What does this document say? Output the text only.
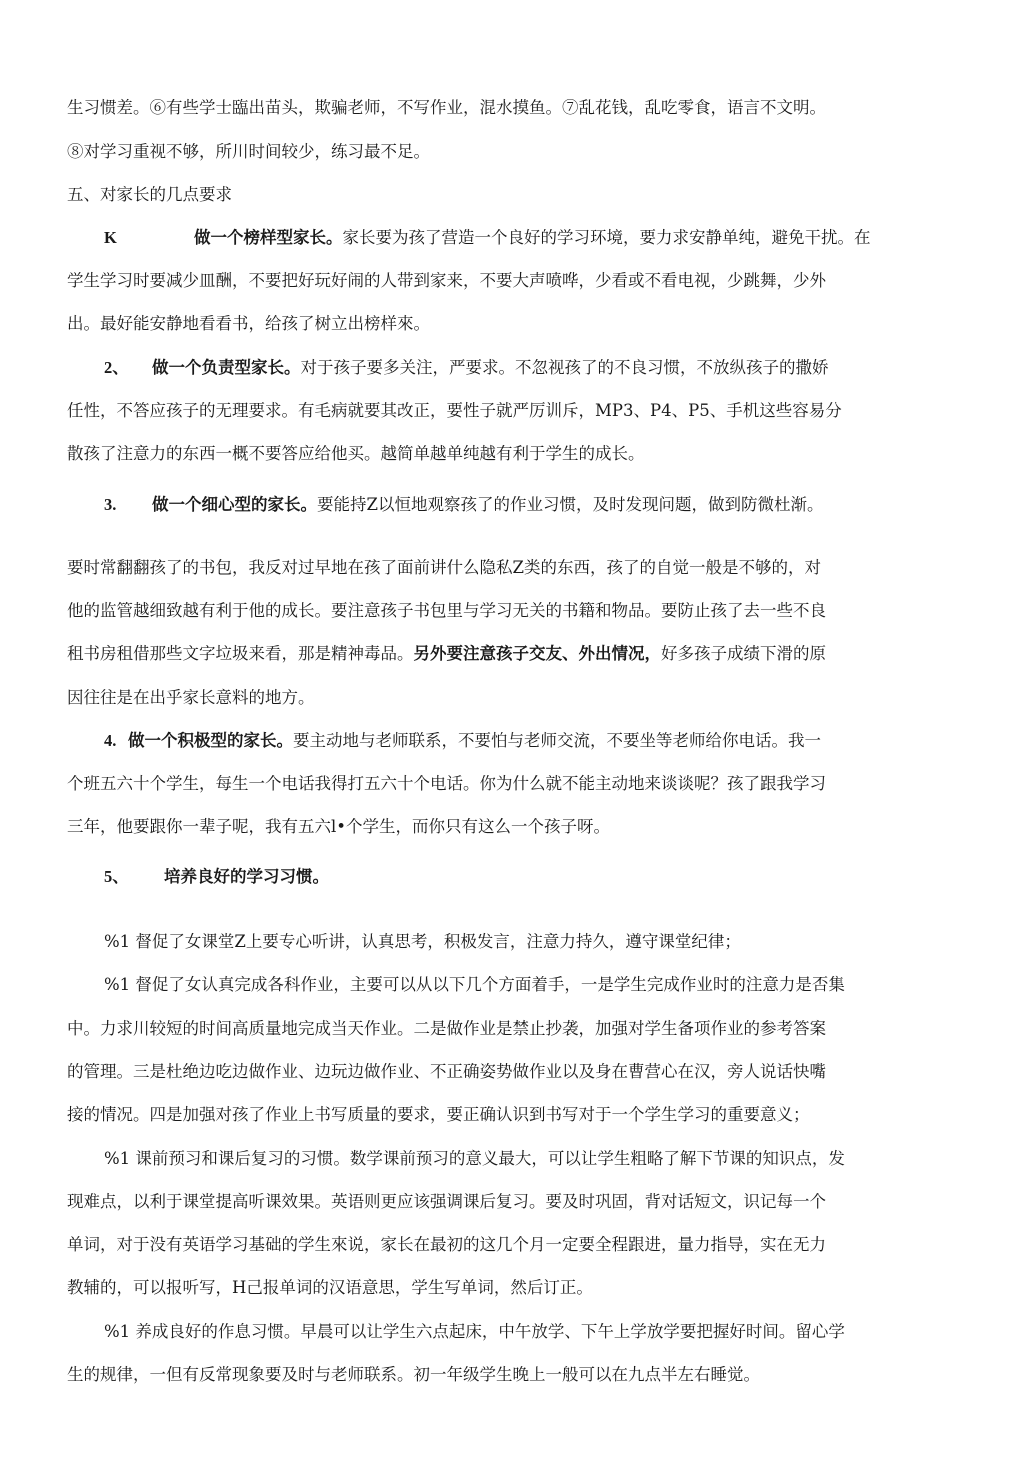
生习惯差。⑥有些学士臨出苗头，欺骗老师，不写作业，混水摸鱼。⑦乱花钱，乱吃零食，语言不文明。
⑧对学习重视不够，所川时间较少，练习最不足。
五、对家长的几点要求
K	做一个榜样型家长。家长要为孩了营造一个良好的学习环境，要力求安静单纯，避免干扰。在
学生学习时要减少皿酬，不要把好玩好闹的人带到家来，不要大声喷哗，少看或不看电视，少跳舞，少外
出。最好能安静地看看书，给孩了树立出榜样來。
2、 做一个负责型家长。对于孩子要多关注，严要求。不忽视孩了的不良习惯，不放纵孩子的撒娇
任性，不答应孩子的无理要求。有毛病就要其改正，要性子就严厉训斥，MP3、P4、P5、手机这些容易分
散孩了注意力的东西一概不要答应给他买。越简单越单纯越有利于学生的成长。
3. 做一个细心型的家长。要能持Z以恒地观察孩了的作业习惯，及时发现问题，做到防微杜渐。
要时常翻翻孩了的书包，我反对过早地在孩了面前讲什么隐私Z类的东西，孩了的自觉一般是不够的，对
他的监管越细致越有利于他的成长。要注意孩子书包里与学习无关的书籍和物品。要防止孩了去一些不良
租书房租借那些文字垃圾来看，那是精神毒品。另外要注意孩子交友、外出情况，好多孩子成绩下滑的原
因往往是在出乎家长意料的地方。
4. 做一个积极型的家长。要主动地与老师联系，不要怕与老师交流，不要坐等老师给你电话。我一
个班五六十个学生，每生一个电话我得打五六十个电话。你为什么就不能主动地来谈谈呢？孩了跟我学习
三年，他要跟你一辈子呢，我有五六l•个学生，而你只有这么一个孩子呀。
5、 培养良好的学习习惯。
%1 督促了女课堂Z上要专心听讲，认真思考，积极发言，注意力持久，遵守课堂纪律；
%1 督促了女认真完成各科作业，主要可以从以下几个方面着手，一是学生完成作业时的注意力是否集
中。力求川较短的时间高质量地完成当天作业。二是做作业是禁止抄袭，加强对学生备项作业的参考答案
的管理。三是杜绝边吃边做作业、边玩边做作业、不正确姿势做作业以及身在曹营心在汉，旁人说话快嘴
接的情况。四是加强对孩了作业上书写质量的要求，要正确认识到书写对于一个学生学习的重要意义；
%1 课前预习和课后复习的习惯。数学课前预习的意义最大，可以让学生粗略了解下节课的知识点，发
现难点，以利于课堂提高听课效果。英语则更应该强调课后复习。要及时巩固，背对话短文，识记每一个
单词，对于没有英语学习基础的学生來说，家长在最初的这几个月一定要全程跟进，量力指导，实在无力
教辅的，可以报听写，H己报单词的汉语意思，学生写单词，然后订正。
%1 养成良好的作息习惯。早晨可以让学生六点起床，中午放学、下午上学放学要把握好时间。留心学
生的规律，一但有反常现象要及时与老师联系。初一年级学生晚上一般可以在九点半左右睡觉。
